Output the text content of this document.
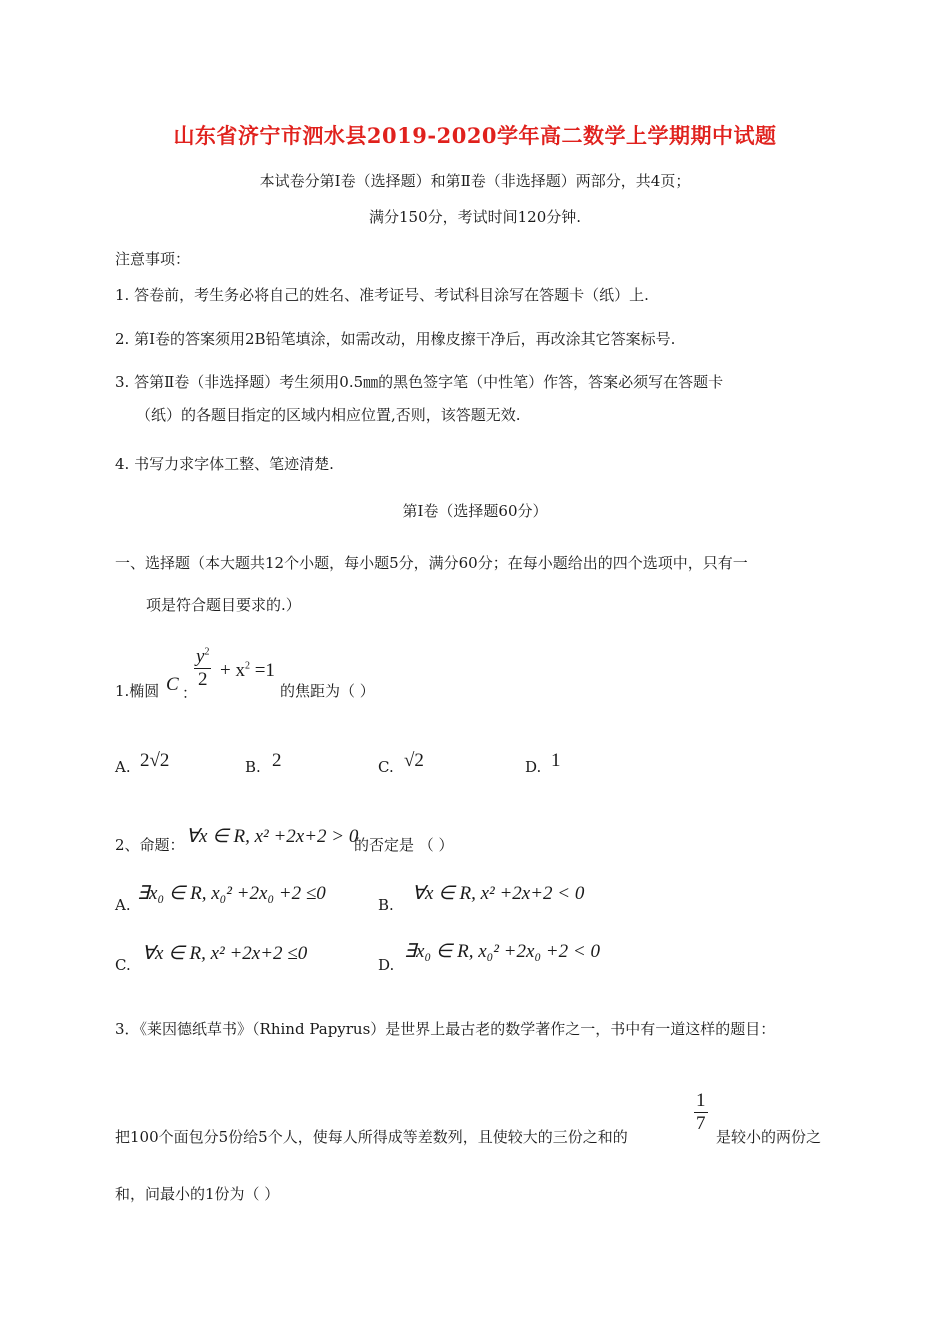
山东省济宁市泗水县2019-2020学年高二数学上学期期中试题
本试卷分第Ⅰ卷（选择题）和第Ⅱ卷（非选择题）两部分，共4页；
满分150分，考试时间120分钟.
注意事项：
1. 答卷前，考生务必将自己的姓名、准考证号、考试科目涂写在答题卡（纸）上.
2. 第Ⅰ卷的答案须用2B铅笔填涂，如需改动，用橡皮擦干净后，再改涂其它答案标号.
3. 答第Ⅱ卷（非选择题）考生须用0.5㎜的黑色签字笔（中性笔）作答，答案必须写在答题卡
（纸）的各题目指定的区域内相应位置,否则，该答题无效.
4. 书写力求字体工整、笔迹清楚.
第Ⅰ卷（选择题60分）
一、选择题（本大题共12个小题，每小题5分，满分60分；在每小题给出的四个选项中，只有一
项是符合题目要求的.）
1.椭圆 C ：
$\frac{y^2}{2} + x^2 =1$
的焦距为（ ）
A. 2√2	B. 2	C. √2	D. 1
2、命题： ∀x ∈ R, x² +2x+2 > 0
的否定是 （ ）
A.
∃x₀ ∈ R, x₀² +2x₀ +2 ≤0
B.
∀x ∈ R, x² +2x+2 < 0
C.
∀x ∈ R, x² +2x+2 ≤0
D.
∃x₀ ∈ R, x₀² +2x₀ +2 < 0
3．《莱因德纸草书》（Rhind Papyrus）是世界上最古老的数学著作之一，书中有一道这样的题目：
把100个面包分5份给5个人，使每人所得成等差数列，且使较大的三份之和的
$\frac{1}{7}$
是较小的两份之
和，问最小的1份为（ ）
